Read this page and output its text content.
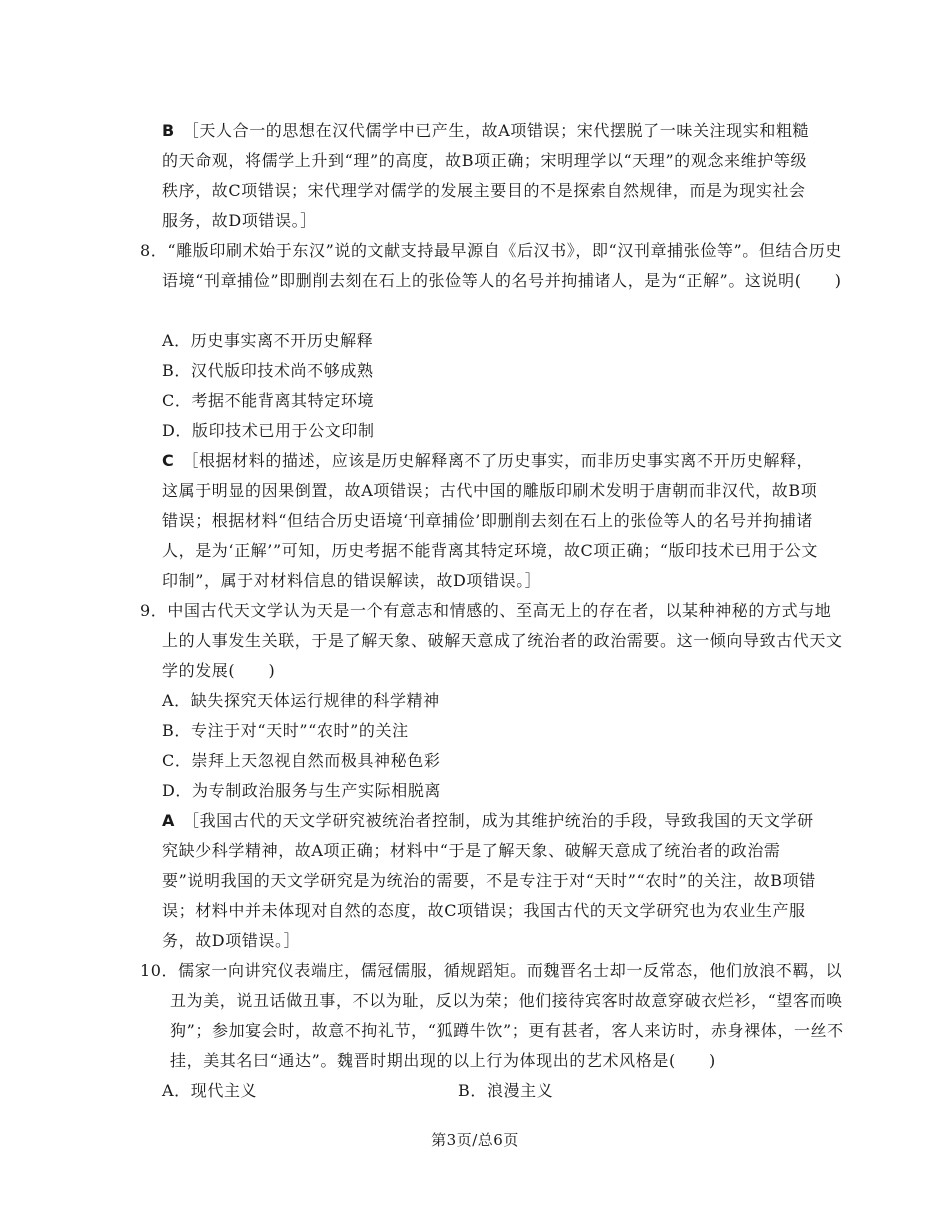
B ［天人合一的思想在汉代儒学中已产生，故A项错误；宋代摆脱了一味关注现实和粗糙的天命观，将儒学上升到“理”的高度，故B项正确；宋明理学以“天理”的观念来维护等级秩序，故C项错误；宋代理学对儒学的发展主要目的不是探索自然规律，而是为现实社会服务，故D项错误。］

8．“雕版印刷术始于东汉”说的文献支持最早源自《后汉书》，即“汉刊章捕张俭等”。但结合历史语境“刊章捕俭”即删削去刻在石上的张俭等人的名号并拘捕诸人，是为“正解”。这说明(　　)

A．历史事实离不开历史解释
B．汉代版印技术尚不够成熟
C．考据不能背离其特定环境
D．版印技术已用于公文印制

C ［根据材料的描述，应该是历史解释离不了历史事实，而非历史事实离不开历史解释，这属于明显的因果倒置，故A项错误；古代中国的雕版印刷术发明于唐朝而非汉代，故B项错误；根据材料“但结合历史语境‘刊章捕俭’即删削去刻在石上的张俭等人的名号并拘捕诸人，是为‘正解’”可知，历史考据不能背离其特定环境，故C项正确；“版印技术已用于公文印制”，属于对材料信息的错误解读，故D项错误。］

9．中国古代天文学认为天是一个有意志和情感的、至高无上的存在者，以某种神秘的方式与地上的人事发生关联，于是了解天象、破解天意成了统治者的政治需要。这一倾向导致古代天文学的发展(　　)

A．缺失探究天体运行规律的科学精神
B．专注于对“天时”“农时”的关注
C．崇拜上天忽视自然而极具神秘色彩
D．为专制政治服务与生产实际相脱离

A ［我国古代的天文学研究被统治者控制，成为其维护统治的手段，导致我国的天文学研究缺少科学精神，故A项正确；材料中“于是了解天象、破解天意成了统治者的政治需要”说明我国的天文学研究是为统治的需要，不是专注于对“天时”“农时”的关注，故B项错误；材料中并未体现对自然的态度，故C项错误；我国古代的天文学研究也为农业生产服务，故D项错误。］

10．儒家一向讲究仪表端庄，儒冠儒服，循规蹈矩。而魏晋名士却一反常态，他们放浪不羁，以丑为美，说丑话做丑事，不以为耻，反以为荣；他们接待宾客时故意穿破衣烂衫，“望客而唤狗”；参加宴会时，故意不拘礼节，“狐蹲牛饮”；更有甚者，客人来访时，赤身裸体，一丝不挂，美其名曰“通达”。魏晋时期出现的以上行为体现出的艺术风格是(　　)

A．现代主义	B．浪漫主义
第3页/总6页
